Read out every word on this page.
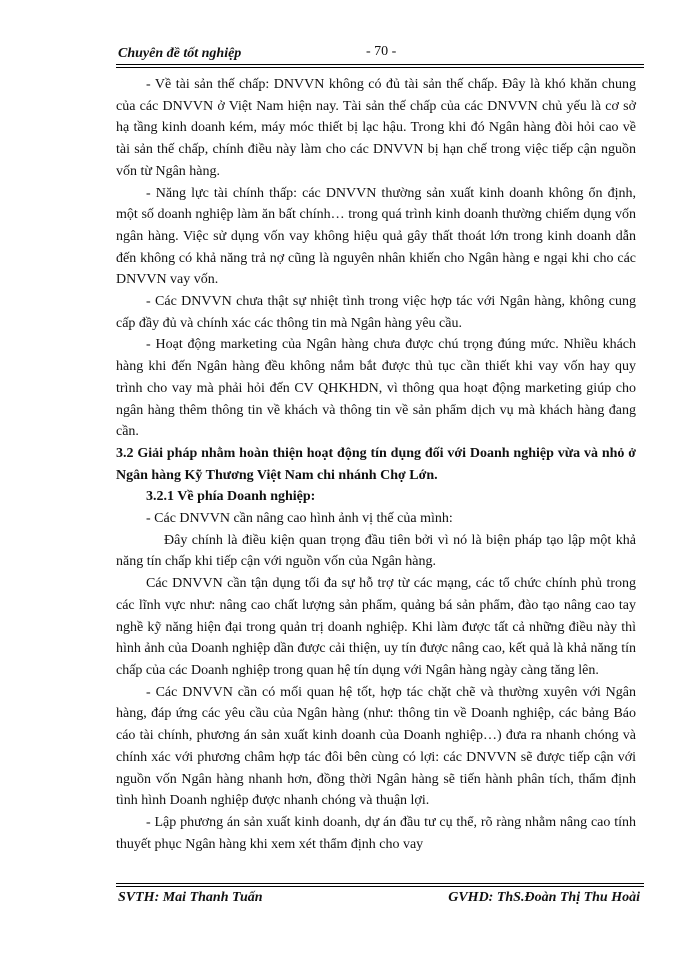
Chuyên đề tốt nghiệp	- 70 -

- Về tài sản thế chấp: DNVVN không có đủ tài sản thế chấp. Đây là khó khăn chung của các DNVVN ở Việt Nam hiện nay. Tài sản thế chấp của các DNVVN chủ yếu là cơ sở hạ tầng kinh doanh kém, máy móc thiết bị lạc hậu. Trong khi đó Ngân hàng đòi hỏi cao về tài sản thế chấp, chính điều này làm cho các DNVVN bị hạn chế trong việc tiếp cận nguồn vốn từ Ngân hàng.

- Năng lực tài chính thấp: các DNVVN thường sản xuất kinh doanh không ổn định, một số doanh nghiệp làm ăn bất chính… trong quá trình kinh doanh thường chiếm dụng vốn ngân hàng. Việc sử dụng vốn vay không hiệu quả gây thất thoát lớn trong kinh doanh dẫn đến không có khả năng trả nợ cũng là nguyên nhân khiến cho Ngân hàng e ngại khi cho các DNVVN vay vốn.

- Các DNVVN chưa thật sự nhiệt tình trong việc hợp tác với Ngân hàng, không cung cấp đầy đủ và chính xác các thông tin mà Ngân hàng yêu cầu.

- Hoạt động marketing của Ngân hàng chưa được chú trọng đúng mức. Nhiều khách hàng khi đến Ngân hàng đều không nắm bắt được thủ tục cần thiết khi vay vốn hay quy trình cho vay mà phải hỏi đến CV QHKHDN, vì thông qua hoạt động marketing giúp cho ngân hàng thêm thông tin về khách và thông tin về sản phẩm dịch vụ mà khách hàng đang cần.

3.2 Giải pháp nhằm hoàn thiện hoạt động tín dụng đối với Doanh nghiệp vừa và nhỏ ở Ngân hàng Kỹ Thương Việt Nam chi nhánh Chợ Lớn.

3.2.1 Về phía Doanh nghiệp:

- Các DNVVN cần nâng cao hình ảnh vị thế của mình:

Đây chính là điều kiện quan trọng đầu tiên bởi vì nó là biện pháp tạo lập một khả năng tín chấp khi tiếp cận với nguồn vốn của Ngân hàng.

Các DNVVN cần tận dụng tối đa sự hỗ trợ từ các mạng, các tổ chức chính phủ trong các lĩnh vực như: nâng cao chất lượng sản phẩm, quảng bá sản phẩm, đào tạo nâng cao tay nghề kỹ năng hiện đại trong quản trị doanh nghiệp. Khi làm được tất cả những điều này thì hình ảnh của Doanh nghiệp dần được cải thiện, uy tín được nâng cao, kết quả là khả năng tín chấp của các Doanh nghiệp trong quan hệ tín dụng với Ngân hàng ngày càng tăng lên.

- Các DNVVN cần có mối quan hệ tốt, hợp tác chặt chẽ và thường xuyên với Ngân hàng, đáp ứng các yêu cầu của Ngân hàng (như: thông tin về Doanh nghiệp, các bảng Báo cáo tài chính, phương án sản xuất kinh doanh của Doanh nghiệp…) đưa ra nhanh chóng và chính xác với phương châm hợp tác đôi bên cùng có lợi: các DNVVN sẽ được tiếp cận với nguồn vốn Ngân hàng nhanh hơn, đồng thời Ngân hàng sẽ tiến hành phân tích, thẩm định tình hình Doanh nghiệp được nhanh chóng và thuận lợi.

- Lập phương án sản xuất kinh doanh, dự án đầu tư cụ thể, rõ ràng nhằm nâng cao tính thuyết phục Ngân hàng khi xem xét thẩm định cho vay

SVTH: Mai Thanh Tuấn	GVHD: ThS.Đoàn Thị Thu Hoài
